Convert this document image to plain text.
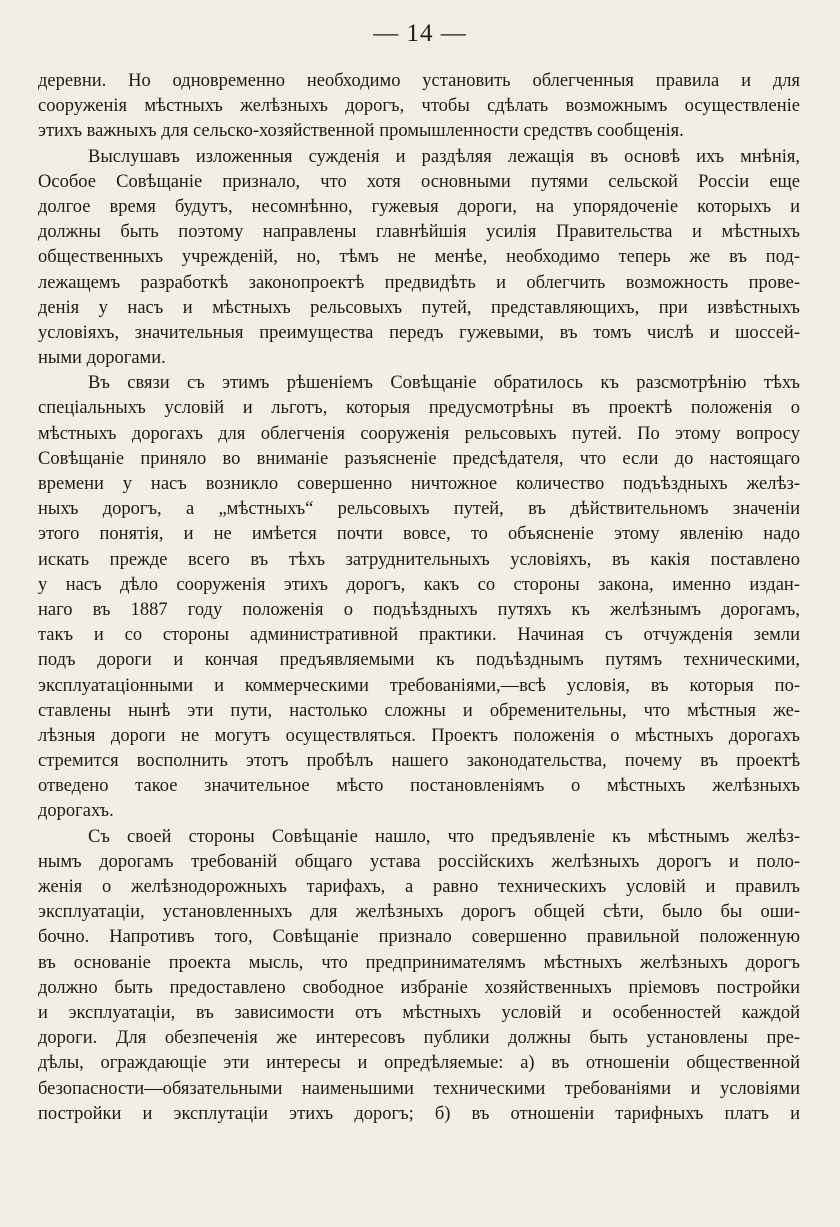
— 14 —
деревни. Но одновременно необходимо установить облегченныя правила и для
сооруженія мѣстныхъ желѣзныхъ дорогъ, чтобы сдѣлать возможнымъ осуществленіе
этихъ важныхъ для сельско-хозяйственной промышленности средствъ сообщенія.
Выслушавъ изложенныя сужденія и раздѣляя лежащія въ основѣ ихъ мнѣнія,
Особое Совѣщаніе признало, что хотя основными путями сельской Россіи еще
долгое время будутъ, несомнѣнно, гужевыя дороги, на упорядоченіе которыхъ и
должны быть поэтому направлены главнѣйшія усилія Правительства и мѣстныхъ
общественныхъ учрежденій, но, тѣмъ не менѣе, необходимо теперь же въ под-
лежащемъ разработкѣ законопроектѣ предвидѣть и облегчить возможность прове-
денія у насъ и мѣстныхъ рельсовыхъ путей, представляющихъ, при извѣстныхъ
условіяхъ, значительныя преимущества передъ гужевыми, въ томъ числѣ и шоссей-
ными дорогами.
Въ связи съ этимъ рѣшеніемъ Совѣщаніе обратилось къ разсмотрѣнію тѣхъ
спеціальныхъ условій и льготъ, которыя предусмотрѣны въ проектѣ положенія о
мѣстныхъ дорогахъ для облегченія сооруженія рельсовыхъ путей. По этому вопросу
Совѣщаніе приняло во вниманіе разъясненіе предсѣдателя, что если до настоящаго
времени у насъ возникло совершенно ничтожное количество подъѣздныхъ желѣз-
ныхъ дорогъ, а „мѣстныхъ“ рельсовыхъ путей, въ дѣйствительномъ значеніи
этого понятія, и не имѣется почти вовсе, то объясненіе этому явленію надо
искать прежде всего въ тѣхъ затруднительныхъ условіяхъ, въ какія поставлено
у насъ дѣло сооруженія этихъ дорогъ, какъ со стороны закона, именно издан-
наго въ 1887 году положенія о подъѣздныхъ путяхъ къ желѣзнымъ дорогамъ,
такъ и со стороны административной практики. Начиная съ отчужденія земли
подъ дороги и кончая предъявляемыми къ подъѣзднымъ путямъ техническими,
эксплуатаціонными и коммерческими требованіями,—всѣ условія, въ которыя по-
ставлены нынѣ эти пути, настолько сложны и обременительны, что мѣстныя же-
лѣзныя дороги не могутъ осуществляться. Проектъ положенія о мѣстныхъ дорогахъ
стремится восполнить этотъ пробѣлъ нашего законодательства, почему въ проектѣ
отведено такое значительное мѣсто постановленіямъ о мѣстныхъ желѣзныхъ
дорогахъ.
Съ своей стороны Совѣщаніе нашло, что предъявленіе къ мѣстнымъ желѣз-
нымъ дорогамъ требованій общаго устава россійскихъ желѣзныхъ дорогъ и поло-
женія о желѣзнодорожныхъ тарифахъ, а равно техническихъ условій и правилъ
эксплуатаціи, установленныхъ для желѣзныхъ дорогъ общей сѣти, было бы оши-
бочно. Напротивъ того, Совѣщаніе признало совершенно правильной положенную
въ основаніе проекта мысль, что предпринимателямъ мѣстныхъ желѣзныхъ дорогъ
должно быть предоставлено свободное избраніе хозяйственныхъ пріемовъ постройки
и эксплуатаціи, въ зависимости отъ мѣстныхъ условій и особенностей каждой
дороги. Для обезпеченія же интересовъ публики должны быть установлены пре-
дѣлы, ограждающіе эти интересы и опредѣляемые: а) въ отношеніи общественной
безопасности—обязательными наименьшими техническими требованіями и условіями
постройки и эксплутаціи этихъ дорогъ; б) въ отношеніи тарифныхъ платъ и
